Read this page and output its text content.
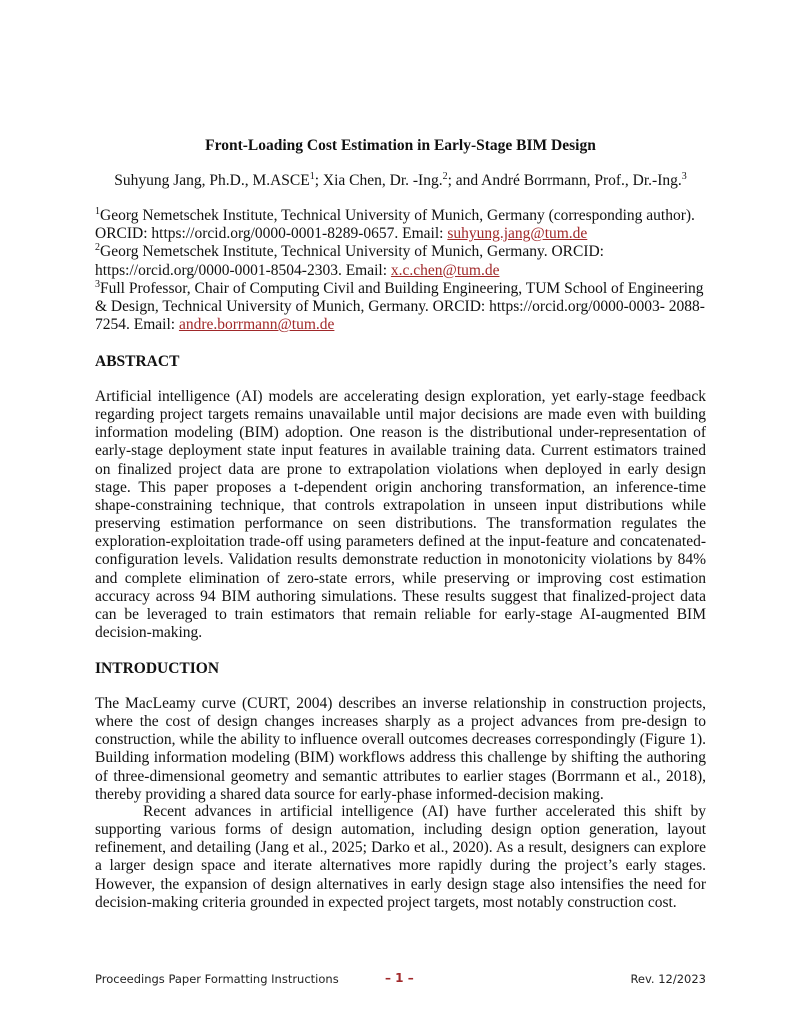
Front-Loading Cost Estimation in Early-Stage BIM Design
Suhyung Jang, Ph.D., M.ASCE$^1$; Xia Chen, Dr. -Ing.$^2$; and André Borrmann, Prof., Dr.-Ing.$^3$

$^1$Georg Nemetschek Institute, Technical University of Munich, Germany (corresponding author). ORCID: https://orcid.org/0000-0001-8289-0657. Email: suhyung.jang@tum.de

$^2$Georg Nemetschek Institute, Technical University of Munich, Germany. ORCID: https://orcid.org/0000-0001-8504-2303. Email: x.c.chen@tum.de

$^3$Full Professor, Chair of Computing Civil and Building Engineering, TUM School of Engineering & Design, Technical University of Munich, Germany. ORCID: https://orcid.org/0000-0003- 2088-7254. Email: andre.borrmann@tum.de

ABSTRACT

Artificial intelligence (AI) models are accelerating design exploration, yet early-stage feedback regarding project targets remains unavailable until major decisions are made even with building information modeling (BIM) adoption. One reason is the distributional under-representation of early-stage deployment state input features in available training data. Current estimators trained on finalized project data are prone to extrapolation violations when deployed in early design stage. This paper proposes a t-dependent origin anchoring transformation, an inference-time shape-constraining technique, that controls extrapolation in unseen input distributions while preserving estimation performance on seen distributions. The transformation regulates the exploration-exploitation trade-off using parameters defined at the input-feature and concatenated-configuration levels. Validation results demonstrate reduction in monotonicity violations by 84% and complete elimination of zero-state errors, while preserving or improving cost estimation accuracy across 94 BIM authoring simulations. These results suggest that finalized-project data can be leveraged to train estimators that remain reliable for early-stage AI-augmented BIM decision-making.

INTRODUCTION

The MacLeamy curve (CURT, 2004) describes an inverse relationship in construction projects, where the cost of design changes increases sharply as a project advances from pre-design to construction, while the ability to influence overall outcomes decreases correspondingly (Figure 1). Building information modeling (BIM) workflows address this challenge by shifting the authoring of three-dimensional geometry and semantic attributes to earlier stages (Borrmann et al., 2018), thereby providing a shared data source for early-phase informed-decision making.

Recent advances in artificial intelligence (AI) have further accelerated this shift by supporting various forms of design automation, including design option generation, layout refinement, and detailing (Jang et al., 2025; Darko et al., 2020). As a result, designers can explore a larger design space and iterate alternatives more rapidly during the project’s early stages. However, the expansion of design alternatives in early design stage also intensifies the need for decision-making criteria grounded in expected project targets, most notably construction cost.

Proceedings Paper Formatting Instructions	– 1 –	Rev. 12/2023
